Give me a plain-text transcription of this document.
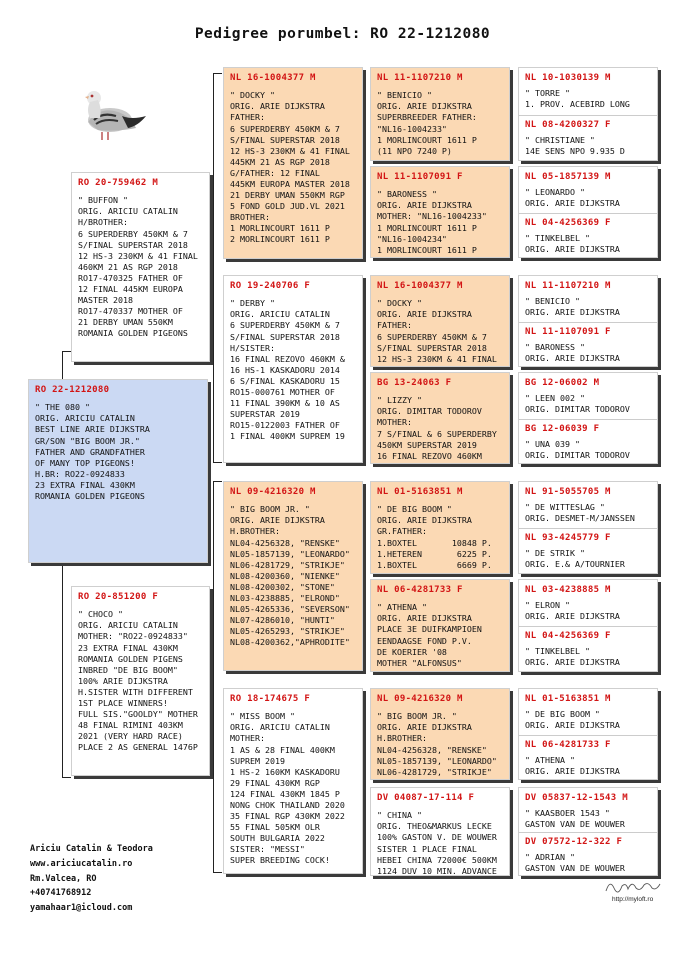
Pedigree porumbel: RO 22-1212080
RO 22-1212080
" THE 080 "
ORIG. ARICIU CATALIN
BEST LINE ARIE DIJKSTRA
GR/SON "BIG BOOM JR."
FATHER AND GRANDFATHER
OF MANY TOP PIGEONS!
H.BR: RO22-0924833
23 EXTRA FINAL 430KM
ROMANIA GOLDEN PIGEONS
RO 20-759462 M
" BUFFON "
ORIG. ARICIU CATALIN
H/BROTHER:
6 SUPERDERBY 450KM & 7
S/FINAL SUPERSTAR 2018
12 HS-3 230KM & 41 FINAL
460KM 21 AS RGP 2018
RO17-470325 FATHER OF
12 FINAL 445KM EUROPA
MASTER 2018
RO17-470337 MOTHER OF
21 DERBY UMAN 550KM
ROMANIA GOLDEN PIGEONS
RO 20-851200 F
" CHOCO "
ORIG. ARICIU CATALIN
MOTHER: "RO22-0924833"
23 EXTRA FINAL 430KM
ROMANIA GOLDEN PIGENS
INBRED "DE BIG BOOM"
100% ARIE DIJKSTRA
H.SISTER WITH DIFFERENT
1ST PLACE WINNERS!
FULL SIS."GOOLDY" MOTHER
48 FINAL RIMINI 403KM
2021 (VERY HARD RACE)
PLACE 2 AS GENERAL 1476P
NL 16-1004377 M
" DOCKY "
ORIG. ARIE DIJKSTRA
FATHER:
6 SUPERDERBY 450KM & 7
S/FINAL SUPERSTAR 2018
12 HS-3 230KM & 41 FINAL
445KM 21 AS RGP 2018
G/FATHER: 12 FINAL
445KM EUROPA MASTER 2018
21 DERBY UMAN 550KM RGP
5 FOND GOLD JUD.VL 2021
BROTHER:
1 MORLINCOURT 1611 P
2 MORLINCOURT 1611 P
RO 19-240706 F
" DERBY "
ORIG. ARICIU CATALIN
6 SUPERDERBY 450KM & 7
S/FINAL SUPERSTAR 2018
H/SISTER:
16 FINAL REZOVO 460KM &
16 HS-1 KASKADORU 2014
6 S/FINAL KASKADORU 15
RO15-000761 MOTHER OF
11 FINAL 390KM & 10 AS
SUPERSTAR 2019
RO15-0122003 FATHER OF
1 FINAL 400KM SUPREM 19
NL 09-4216320 M
" BIG BOOM JR. "
ORIG. ARIE DIJKSTRA
H.BROTHER:
NL04-4256328, "RENSKE"
NL05-1857139, "LEONARDO"
NL06-4281729, "STRIKJE"
NL08-4200360, "NIENKE"
NL08-4200302, "STONE"
NL03-4238885, "ELROND"
NL05-4265336, "SEVERSON"
NL07-4286010, "HUNTI"
NL05-4265293, "STRIKJE"
NL08-4200362,"APHRODITE"
RO 18-174675 F
" MISS BOOM "
ORIG. ARICIU CATALIN
MOTHER:
1 AS & 28 FINAL 400KM
SUPREM 2019
1 HS-2 160KM KASKADORU
29 FINAL 430KM RGP
124 FINAL 430KM 1845 P
NONG CHOK THAILAND 2020
35 FINAL RGP 430KM 2022
55 FINAL 505KM OLR
SOUTH BULGARIA 2022
SISTER: "MESSI"
SUPER BREEDING COCK!
NL 11-1107210 M
" BENICIO "
ORIG. ARIE DIJKSTRA
SUPERBREEDER FATHER:
"NL16-1004233"
1 MORLINCOURT 1611 P
(11 NPO 7240 P)
NL 11-1107091 F
" BARONESS "
ORIG. ARIE DIJKSTRA
MOTHER: "NL16-1004233"
1 MORLINCOURT 1611 P
"NL16-1004234"
1 MORLINCOURT 1611 P
NL 16-1004377 M
" DOCKY "
ORIG. ARIE DIJKSTRA
FATHER:
6 SUPERDERBY 450KM & 7
S/FINAL SUPERSTAR 2018
12 HS-3 230KM & 41 FINAL
BG 13-24063 F
" LIZZY "
ORIG. DIMITAR TODOROV
MOTHER:
7 S/FINAL & 6 SUPERDERBY
450KM SUPERSTAR 2019
16 FINAL REZOVO 460KM
NL 01-5163851 M
" DE BIG BOOM "
ORIG. ARIE DIJKSTRA
GR.FATHER:
1.BOXTEL       10848 P.
1.HETEREN       6225 P.
1.BOXTEL        6669 P.
NL 06-4281733 F
" ATHENA "
ORIG. ARIE DIJKSTRA
PLACE 3E DUIFKAMPIOEN
EENDAAGSE FOND P.V.
DE KOERIER '08
MOTHER "ALFONSUS"
NL 09-4216320 M
" BIG BOOM JR. "
ORIG. ARIE DIJKSTRA
H.BROTHER:
NL04-4256328, "RENSKE"
NL05-1857139, "LEONARDO"
NL06-4281729, "STRIKJE"
DV 04087-17-114 F
" CHINA "
ORIG. THEO&MARKUS LECKE
100% GASTON V. DE WOUWER
SISTER 1 PLACE FINAL
HEBEI CHINA 72000€ 500KM
1124 DUV 10 MIN. ADVANCE
NL 10-1030139 M
" TORRE "
1. PROV. ACEBIRD LONG
NL 08-4200327 F
" CHRISTIANE "
14E SENS NPO 9.935 D
NL 05-1857139 M
" LEONARDO "
ORIG. ARIE DIJKSTRA
NL 04-4256369 F
" TINKELBEL "
ORIG. ARIE DIJKSTRA
NL 11-1107210 M
" BENICIO "
ORIG. ARIE DIJKSTRA
NL 11-1107091 F
" BARONESS "
ORIG. ARIE DIJKSTRA
BG 12-06002 M
" LEEN 002 "
ORIG. DIMITAR TODOROV
BG 12-06039 F
" UNA 039 "
ORIG. DIMITAR TODOROV
NL 91-5055705 M
" DE WITTESLAG "
ORIG. DESMET-M/JANSSEN
NL 93-4245779 F
" DE STRIK "
ORIG. E.& A/TOURNIER
NL 03-4238885 M
" ELRON "
ORIG. ARIE DIJKSTRA
NL 04-4256369 F
" TINKELBEL "
ORIG. ARIE DIJKSTRA
NL 01-5163851 M
" DE BIG BOOM "
ORIG. ARIE DIJKSTRA
NL 06-4281733 F
" ATHENA "
ORIG. ARIE DIJKSTRA
DV 05837-12-1543 M
" KAASBOER 1543 "
GASTON VAN DE WOUWER
DV 07572-12-322 F
" ADRIAN "
GASTON VAN DE WOUWER
Ariciu Catalin & Teodora
www.ariciucatalin.ro
Rm.Valcea, RO
+40741768912
yamahaar1@icloud.com
http://myloft.ro
